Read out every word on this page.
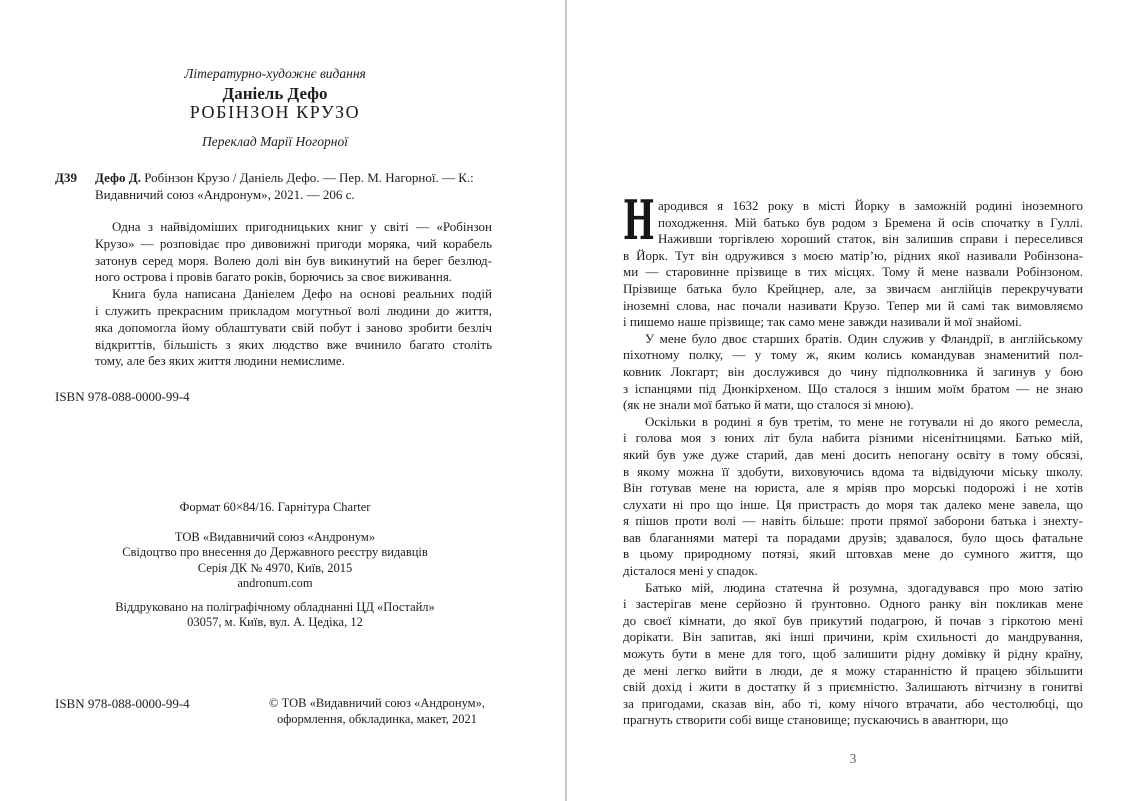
Літературно-художнє видання
Даніель Дефо
РОБІНЗОН КРУЗО
Переклад Марії Ногорної
Д39 Дефо Д. Робінзон Крузо / Даніель Дефо. — Пер. М. Нагорної. — К.:
Видавничий союз «Андронум», 2021. — 206 с.
Одна з найвідоміших пригодницьких книг у світі — «Робінзон
Крузо» — розповідає про дивовижні пригоди моряка, чий корабель
затонув серед моря. Волею долі він був викинутий на берег безлюд-
ного острова і провів багато років, борючись за своє виживання.
Книга була написана Даніелем Дефо на основі реальних подій
і служить прекрасним прикладом могутньої волі людини до життя,
яка допомогла йому облаштувати свій побут і заново зробити безліч
відкриттів, більшість з яких людство вже вчинило багато століть
тому, але без яких життя людини немислиме.
ISBN 978-088-0000-99-4
Формат 60×84/16. Гарнітура Charter
ТОВ «Видавничий союз «Андронум»
Свідоцтво про внесення до Державного реєстру видавців
Серія ДК № 4970, Київ, 2015
andronum.com
Віддруковано на поліграфічному обладнанні ЦД «Постайл»
03057, м. Київ, вул. А. Цедіка, 12
ISBN 978-088-0000-99-4	© ТОВ «Видавничий союз «Андронум»,
оформлення, обкладинка, макет, 2021
Н ародився я 1632 року в місті Йорку в заможній родині іноземного
походження. Мій батько був родом з Бремена й осів спочатку в Гуллі.
Наживши торгівлею хороший статок, він залишив справи і переселився
в Йорк. Тут він одружився з моєю матір’ю, рідних якої називали Робінзона-
ми — старовинне прізвище в тих місцях. Тому й мене назвали Робінзоном.
Прізвище батька було Крейцнер, але, за звичаєм англійців перекручувати
іноземні слова, нас почали називати Крузо. Тепер ми й самі так вимовляємо
і пишемо наше прізвище; так само мене завжди називали й мої знайомі.
У мене було двоє старших братів. Один служив у Фландрії, в англійському
піхотному полку, — у тому ж, яким колись командував знаменитий пол-
ковник Локгарт; він дослужився до чину підполковника й загинув у бою
з іспанцями під Дюнкірхеном. Що сталося з іншим моїм братом — не знаю
(як не знали мої батько й мати, що сталося зі мною).
Оскільки в родині я був третім, то мене не готували ні до якого ремесла,
і голова моя з юних літ була набита різними нісенітницями. Батько мій,
який був уже дуже старий, дав мені досить непогану освіту в тому обсязі,
в якому можна її здобути, виховуючись вдома та відвідуючи міську школу.
Він готував мене на юриста, але я мріяв про морські подорожі і не хотів
слухати ні про що інше. Ця пристрасть до моря так далеко мене завела, що
я пішов проти волі — навіть більше: проти прямої заборони батька і знехту-
вав благаннями матері та порадами друзів; здавалося, було щось фатальне
в цьому природному потязі, який штовхав мене до сумного життя, що
дісталося мені у спадок.
Батько мій, людина статечна й розумна, здогадувався про мою затію
і застерігав мене серйозно й ґрунтовно. Одного ранку він покликав мене
до своєї кімнати, до якої був прикутий подагрою, й почав з гіркотою мені
дорікати. Він запитав, які інші причини, крім схильності до мандрування,
можуть бути в мене для того, щоб залишити рідну домівку й рідну країну,
де мені легко вийти в люди, де я можу старанністю й працею збільшити
свій дохід і жити в достатку й з приємністю. Залишають вітчизну в гонитві
за пригодами, сказав він, або ті, кому нічого втрачати, або честолюбці, що
прагнуть створити собі вище становище; пускаючись в авантюри, що
3
